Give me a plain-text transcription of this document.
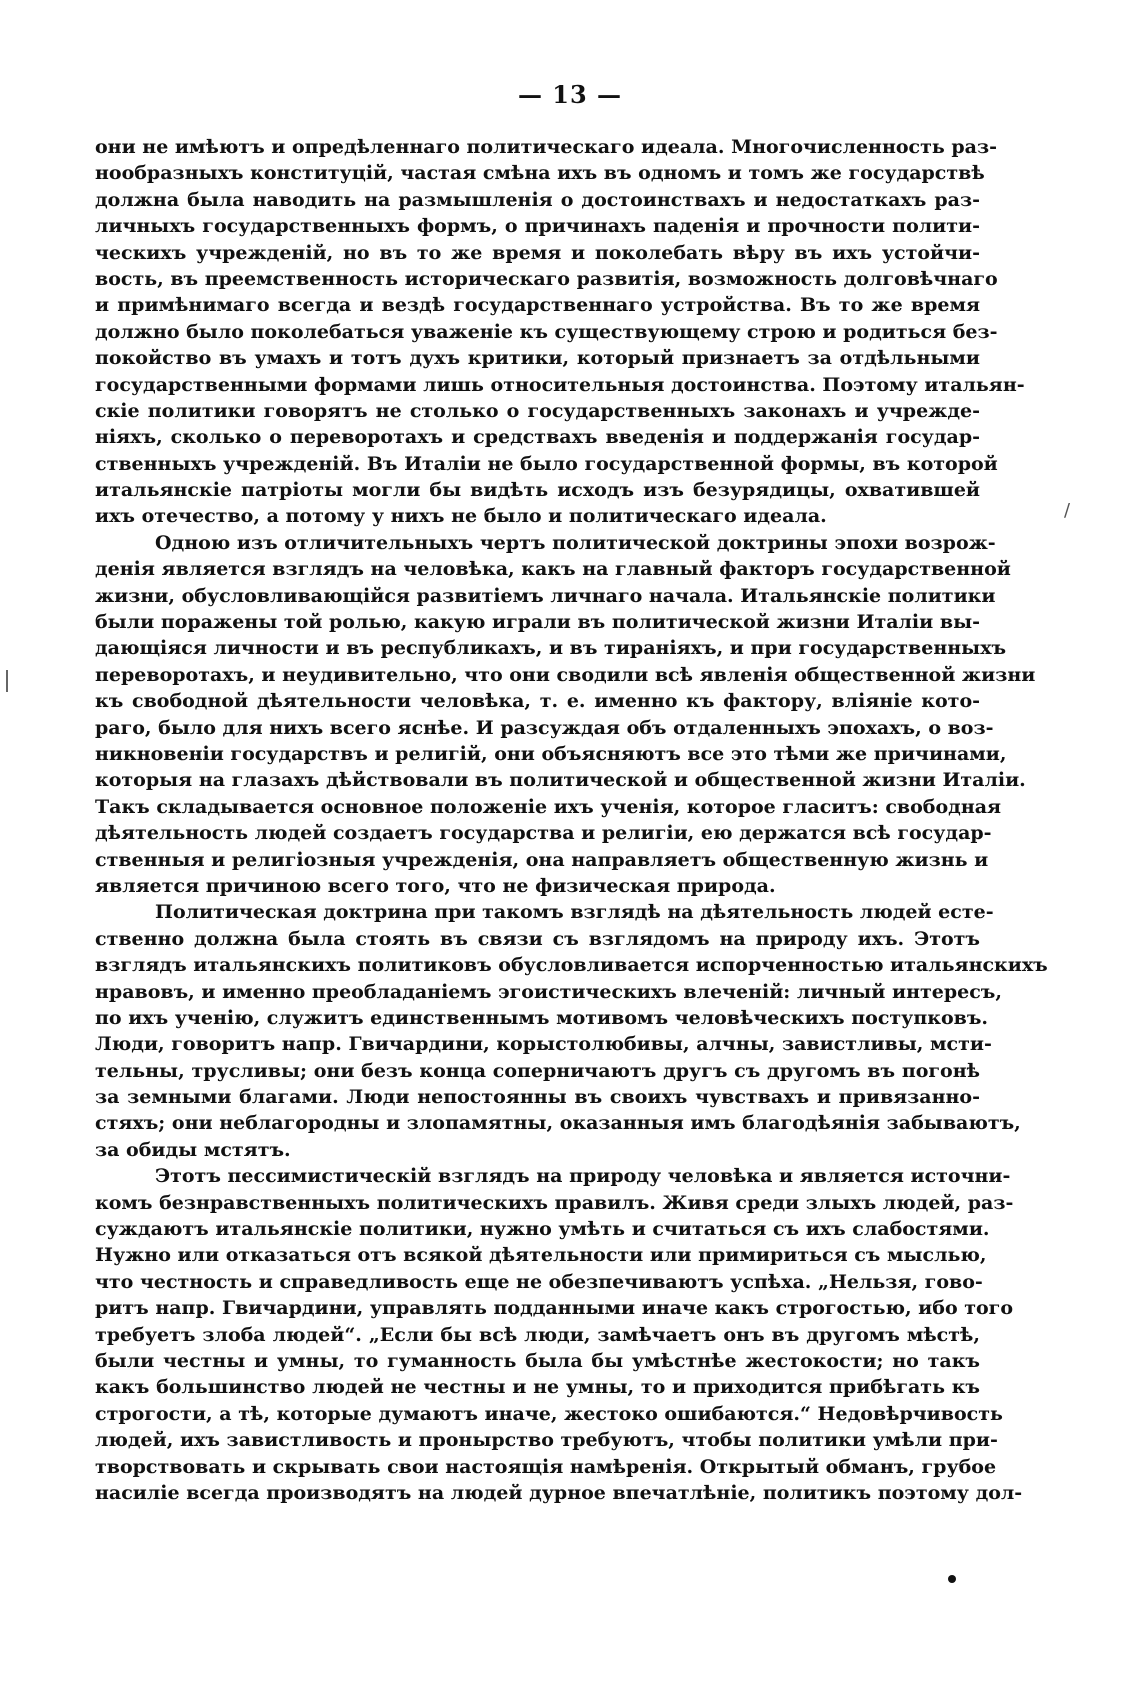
— 13 —
они не имѣютъ и опредѣленнаго политическаго идеала. Многочисленность раз-
нообразныхъ конституцій, частая смѣна ихъ въ одномъ и томъ же государствѣ
должна была наводить на размышленія о достоинствахъ и недостаткахъ раз-
личныхъ государственныхъ формъ, о причинахъ паденія и прочности полити-
ческихъ учрежденій, но въ то же время и поколебать вѣру въ ихъ устойчи-
вость, въ преемственность историческаго развитія, возможность долговѣчнаго
и примѣнимаго всегда и вездѣ государственнаго устройства. Въ то же время
должно было поколебаться уваженіе къ существующему строю и родиться без-
покойство въ умахъ и тотъ духъ критики, который признаетъ за отдѣльными
государственными формами лишь относительныя достоинства. Поэтому итальян-
скіе политики говорятъ не столько о государственныхъ законахъ и учрежде-
ніяхъ, сколько о переворотахъ и средствахъ введенія и поддержанія государ-
ственныхъ учрежденій. Въ Италіи не было государственной формы, въ которой
итальянскіе патріоты могли бы видѣть исходъ изъ безурядицы, охватившей
ихъ отечество, а потому у нихъ не было и политическаго идеала.
Одною изъ отличительныхъ чертъ политической доктрины эпохи возрож-
денія является взглядъ на человѣка, какъ на главный факторъ государственной
жизни, обусловливающійся развитіемъ личнаго начала. Итальянскіе политики
были поражены той ролью, какую играли въ политической жизни Италіи вы-
дающіяся личности и въ республикахъ, и въ тираніяхъ, и при государственныхъ
переворотахъ, и неудивительно, что они сводили всѣ явленія общественной жизни
къ свободной дѣятельности человѣка, т. е. именно къ фактору, вліяніе кото-
раго, было для нихъ всего яснѣе. И разсуждая объ отдаленныхъ эпохахъ, о воз-
никновеніи государствъ и религій, они объясняютъ все это тѣми же причинами,
которыя на глазахъ дѣйствовали въ политической и общественной жизни Италіи.
Такъ складывается основное положеніе ихъ ученія, которое гласитъ: свободная
дѣятельность людей создаетъ государства и религіи, ею держатся всѣ государ-
ственныя и религіозныя учрежденія, она направляетъ общественную жизнь и
является причиною всего того, что не физическая природа.
Политическая доктрина при такомъ взглядѣ на дѣятельность людей есте-
ственно должна была стоять въ связи съ взглядомъ на природу ихъ. Этотъ
взглядъ итальянскихъ политиковъ обусловливается испорченностью итальянскихъ
нравовъ, и именно преобладаніемъ эгоистическихъ влеченій: личный интересъ,
по ихъ ученію, служитъ единственнымъ мотивомъ человѣческихъ поступковъ.
Люди, говоритъ напр. Гвичардини, корыстолюбивы, алчны, завистливы, мсти-
тельны, трусливы; они безъ конца соперничаютъ другъ съ другомъ въ погонѣ
за земными благами. Люди непостоянны въ своихъ чувствахъ и привязанно-
стяхъ; они неблагородны и злопамятны, оказанныя имъ благодѣянія забываютъ,
за обиды мстятъ.
Этотъ пессимистическій взглядъ на природу человѣка и является источни-
комъ безнравственныхъ политическихъ правилъ. Живя среди злыхъ людей, раз-
суждаютъ итальянскіе политики, нужно умѣть и считаться съ ихъ слабостями.
Нужно или отказаться отъ всякой дѣятельности или примириться съ мыслью,
что честность и справедливость еще не обезпечиваютъ успѣха. „Нельзя, гово-
ритъ напр. Гвичардини, управлять подданными иначе какъ строгостью, ибо того
требуетъ злоба людей“. „Если бы всѣ люди, замѣчаетъ онъ въ другомъ мѣстѣ,
были честны и умны, то гуманность была бы умѣстнѣе жестокости; но такъ
какъ большинство людей не честны и не умны, то и приходится прибѣгать къ
строгости, а тѣ, которые думаютъ иначе, жестоко ошибаются.“ Недовѣрчивость
людей, ихъ завистливость и пронырство требуютъ, чтобы политики умѣли при-
творствовать и скрывать свои настоящія намѣренія. Открытый обманъ, грубое
насиліе всегда производятъ на людей дурное впечатлѣніе, политикъ поэтому дол-
/
